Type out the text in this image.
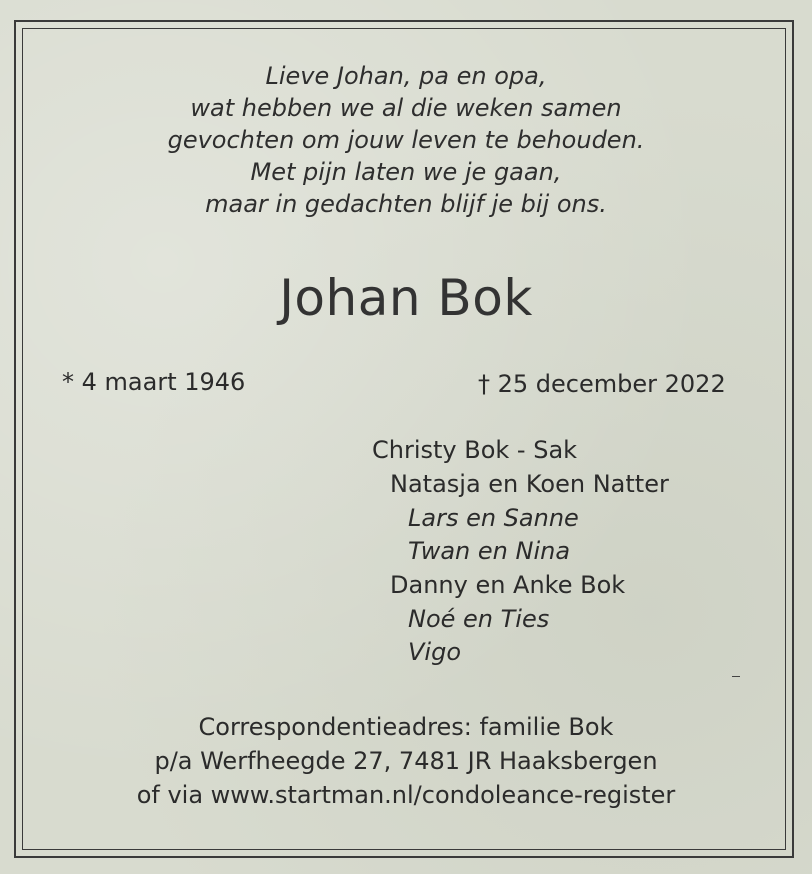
Lieve Johan, pa en opa,
wat hebben we al die weken samen
gevochten om jouw leven te behouden.
Met pijn laten we je gaan,
maar in gedachten blijf je bij ons.
Johan Bok
* 4 maart 1946	† 25 december 2022
Christy Bok - Sak
Natasja en Koen Natter
Lars en Sanne
Twan en Nina
Danny en Anke Bok
Noé en Ties
Vigo
Correspondentieadres: familie Bok
p/a Werfheegde 27, 7481 JR Haaksbergen
of via www.startman.nl/condoleance-register
